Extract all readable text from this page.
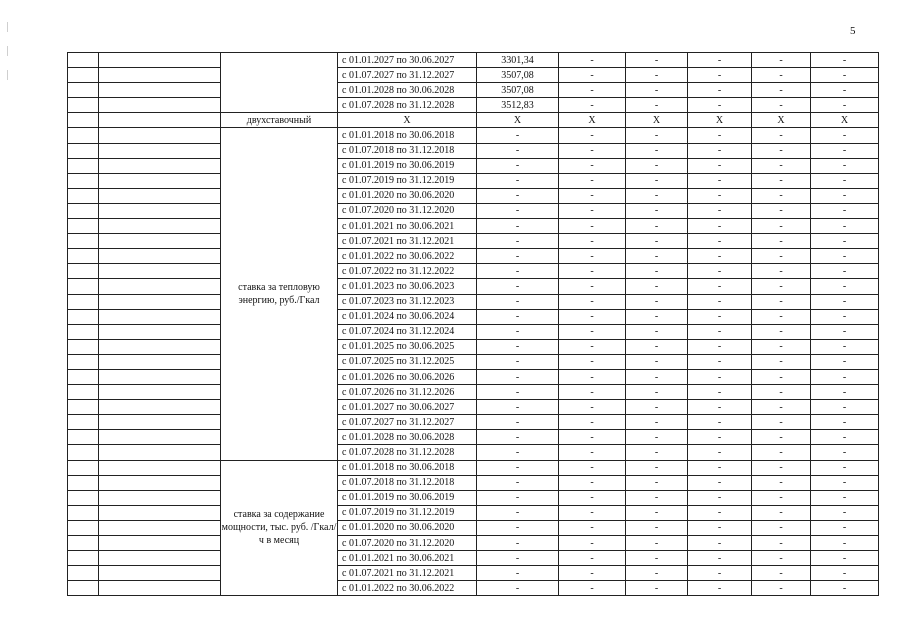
5
			с 01.01.2027 по 30.06.2027	3301,34	-	-	-	-	-
			с 01.07.2027 по 31.12.2027	3507,08	-	-	-	-	-
			с 01.01.2028 по 30.06.2028	3507,08	-	-	-	-	-
			с 01.07.2028 по 31.12.2028	3512,83	-	-	-	-	-
		двухставочный	Х	Х	Х	Х	Х	Х	Х
		ставка за тепловую энергию, руб./Гкал	с 01.01.2018 по 30.06.2018	-	-	-	-	-	-
			с 01.07.2018 по 31.12.2018	-	-	-	-	-	-
			с 01.01.2019 по 30.06.2019	-	-	-	-	-	-
			с 01.07.2019 по 31.12.2019	-	-	-	-	-	-
			с 01.01.2020 по 30.06.2020	-	-	-	-	-	-
			с 01.07.2020 по 31.12.2020	-	-	-	-	-	-
			с 01.01.2021 по 30.06.2021	-	-	-	-	-	-
			с 01.07.2021 по 31.12.2021	-	-	-	-	-	-
			с 01.01.2022 по 30.06.2022	-	-	-	-	-	-
			с 01.07.2022 по 31.12.2022	-	-	-	-	-	-
			с 01.01.2023 по 30.06.2023	-	-	-	-	-	-
			с 01.07.2023 по 31.12.2023	-	-	-	-	-	-
			с 01.01.2024 по 30.06.2024	-	-	-	-	-	-
			с 01.07.2024 по 31.12.2024	-	-	-	-	-	-
			с 01.01.2025 по 30.06.2025	-	-	-	-	-	-
			с 01.07.2025 по 31.12.2025	-	-	-	-	-	-
			с 01.01.2026 по 30.06.2026	-	-	-	-	-	-
			с 01.07.2026 по 31.12.2026	-	-	-	-	-	-
			с 01.01.2027 по 30.06.2027	-	-	-	-	-	-
			с 01.07.2027 по 31.12.2027	-	-	-	-	-	-
			с 01.01.2028 по 30.06.2028	-	-	-	-	-	-
			с 01.07.2028 по 31.12.2028	-	-	-	-	-	-
		ставка за содержание мощности, тыс. руб. /Гкал/ч в месяц	с 01.01.2018 по 30.06.2018	-	-	-	-	-	-
			с 01.07.2018 по 31.12.2018	-	-	-	-	-	-
			с 01.01.2019 по 30.06.2019	-	-	-	-	-	-
			с 01.07.2019 по 31.12.2019	-	-	-	-	-	-
			с 01.01.2020 по 30.06.2020	-	-	-	-	-	-
			с 01.07.2020 по 31.12.2020	-	-	-	-	-	-
			с 01.01.2021 по 30.06.2021	-	-	-	-	-	-
			с 01.07.2021 по 31.12.2021	-	-	-	-	-	-
			с 01.01.2022 по 30.06.2022	-	-	-	-	-	-
